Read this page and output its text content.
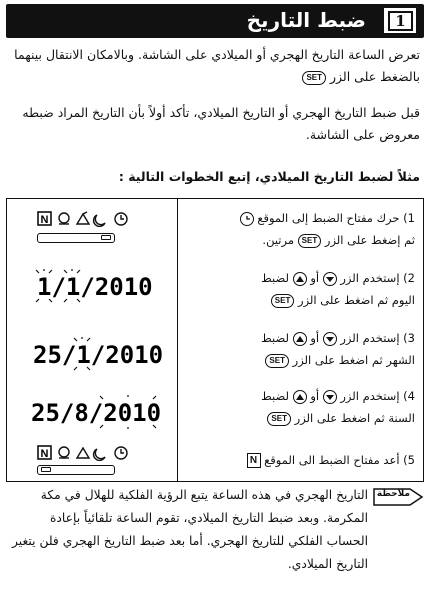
ضبط التاريخ	1
تعرض الساعة التاريخ الهجري أو الميلادي على الشاشة. وبالامكان الانتقال بينهما بالضغط على الزر SET
قبل ضبط التاريخ الهجري أو التاريخ الميلادي، تأكد أولاً بأن التاريخ المراد ضبطه معروض على الشاشة.
مثلاً لضبط التاريخ الميلادي، إتبع الخطوات التالية :
N
1/1/2010
25/1/2010
25/8/2010
N
1) حرك مفتاح الضبط إلى الموقع
ثم إضغط على الزر SET مرتين.
2) إستخدم الزر
أو
لضبط
اليوم ثم اضغط على الزر SET
3) إستخدم الزر
أو
لضبط
الشهر ثم اضغط على الزر SET
4) إستخدم الزر
أو
لضبط
السنة ثم اضغط على الزر SET
5) أعد مفتاح الضبط الى الموقع N
ملاحظة
التاريخ الهجري في هذه الساعة يتبع الرؤية الفلكية للهلال في مكة المكرمة. وبعد ضبط التاريخ الميلادي، تقوم الساعة تلقائياً بإعادة الحساب الفلكي للتاريخ الهجري. أما بعد ضبط التاريخ الهجري فلن يتغير التاريخ الميلادي.
